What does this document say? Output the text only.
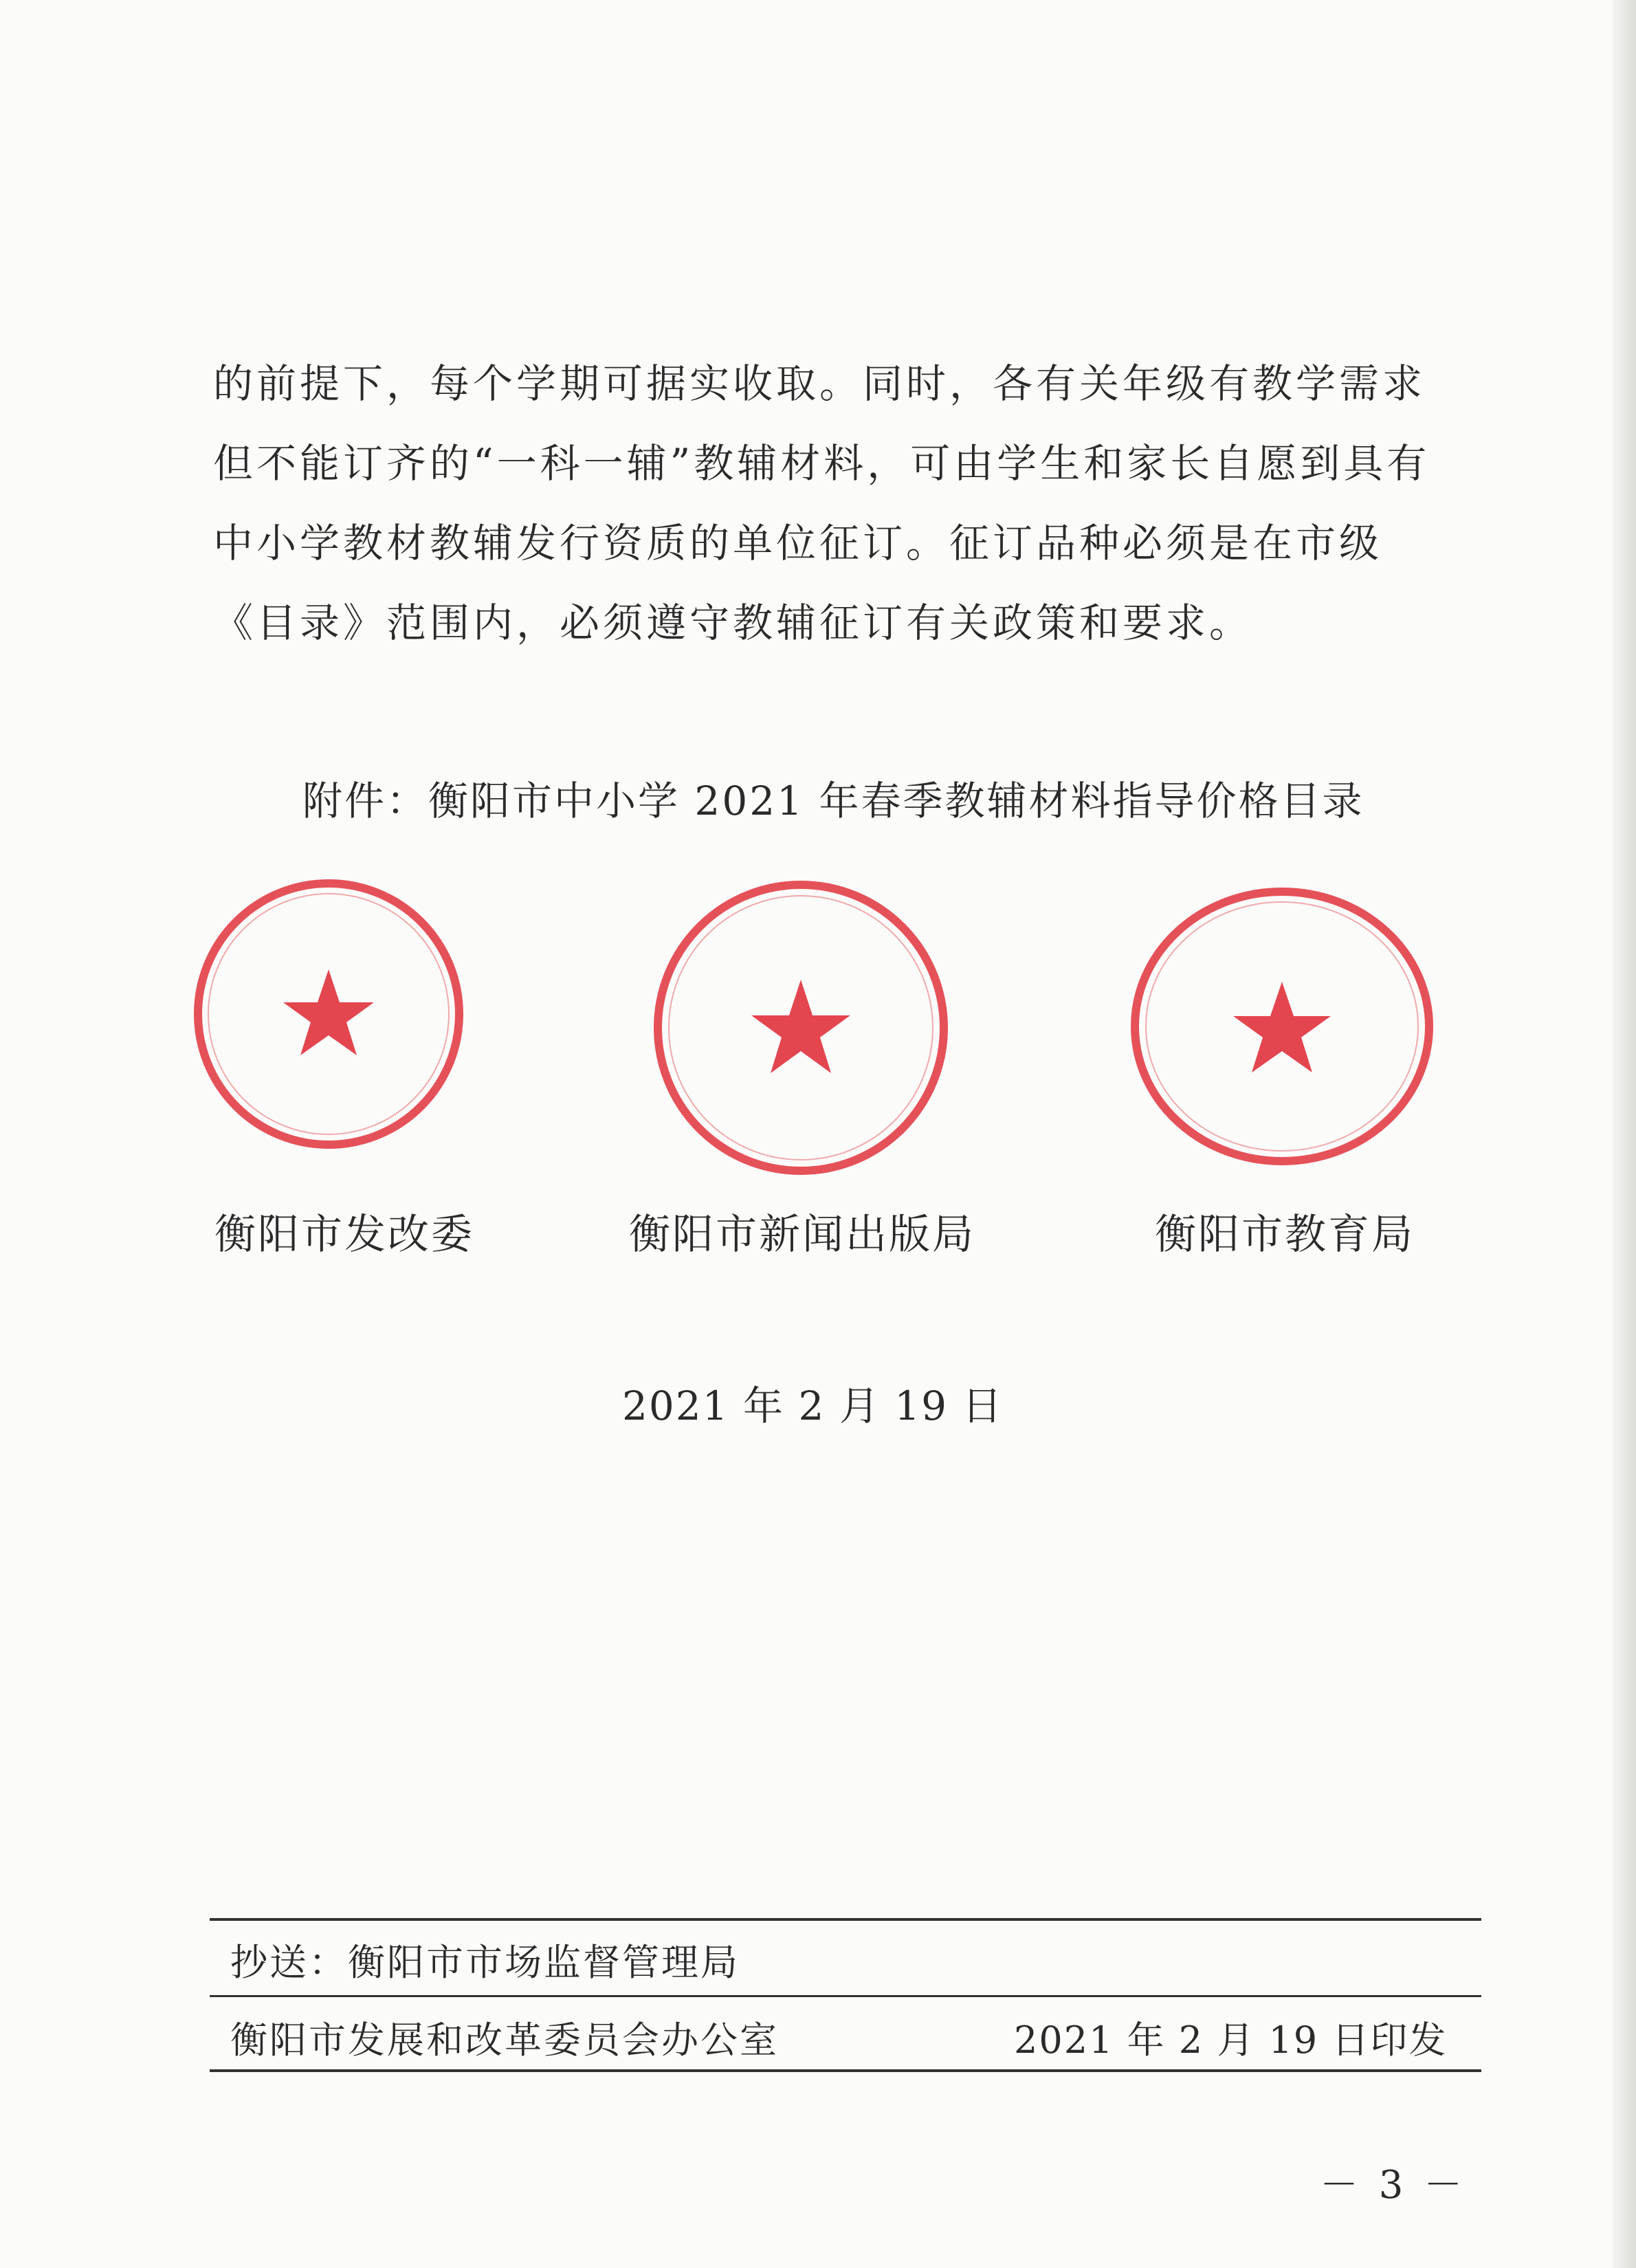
的前提下，每个学期可据实收取。同时，各有关年级有教学需求

但不能订齐的“一科一辅”教辅材料，可由学生和家长自愿到具有

中小学教材教辅发行资质的单位征订。征订品种必须是在市级

《目录》范围内，必须遵守教辅征订有关政策和要求。

附件：衡阳市中小学 2021 年春季教辅材料指导价格目录
衡阳市发改委	衡阳市新闻出版局	衡阳市教育局
2021 年 2 月 19 日
抄送：衡阳市市场监督管理局
衡阳市发展和改革委员会办公室	2021 年 2 月 19 日印发
－ 3 －
